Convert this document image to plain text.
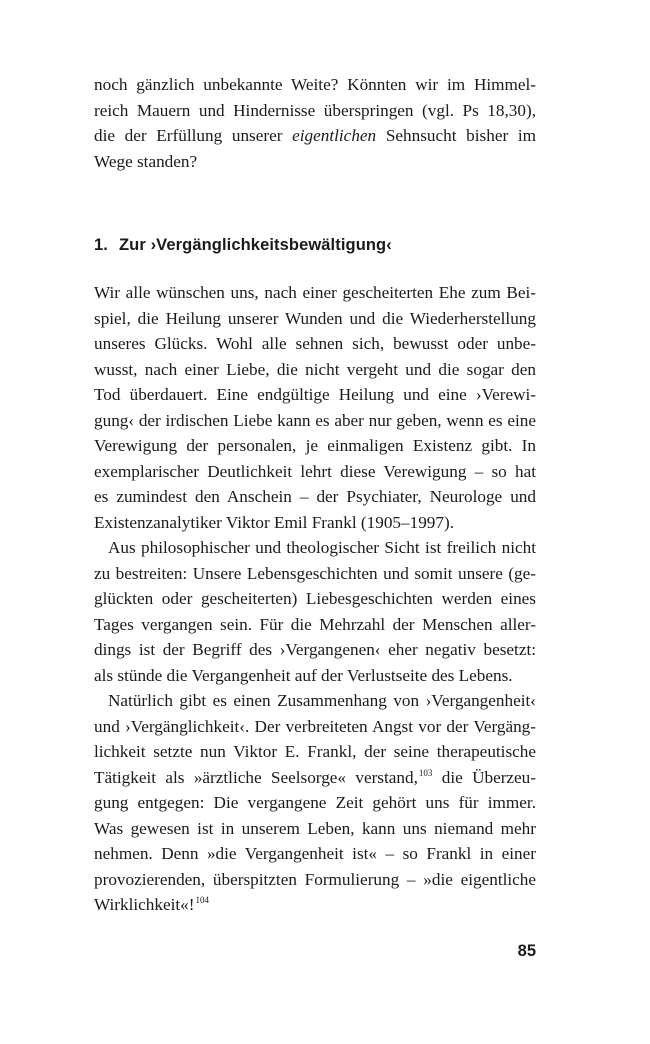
noch gänzlich unbekannte Weite? Könnten wir im Himmel-
reich Mauern und Hindernisse überspringen (vgl. Ps 18,30),
die der Erfüllung unserer eigentlichen Sehnsucht bisher im
Wege standen?
1. Zur ›Vergänglichkeitsbewältigung‹
Wir alle wünschen uns, nach einer gescheiterten Ehe zum Bei-
spiel, die Heilung unserer Wunden und die Wiederherstellung
unseres Glücks. Wohl alle sehnen sich, bewusst oder unbe-
wusst, nach einer Liebe, die nicht vergeht und die sogar den
Tod überdauert. Eine endgültige Heilung und eine ›Verewi-
gung‹ der irdischen Liebe kann es aber nur geben, wenn es eine
Verewigung der personalen, je einmaligen Existenz gibt. In
exemplarischer Deutlichkeit lehrt diese Verewigung – so hat
es zumindest den Anschein – der Psychiater, Neurologe und
Existenzanalytiker Viktor Emil Frankl (1905–1997).
Aus philosophischer und theologischer Sicht ist freilich nicht
zu bestreiten: Unsere Lebensgeschichten und somit unsere (ge-
glückten oder gescheiterten) Liebesgeschichten werden eines
Tages vergangen sein. Für die Mehrzahl der Menschen aller-
dings ist der Begriff des ›Vergangenen‹ eher negativ besetzt:
als stünde die Vergangenheit auf der Verlustseite des Lebens.
Natürlich gibt es einen Zusammenhang von ›Vergangenheit‹
und ›Vergänglichkeit‹. Der verbreiteten Angst vor der Vergäng-
lichkeit setzte nun Viktor E. Frankl, der seine therapeutische
Tätigkeit als »ärztliche Seelsorge« verstand,$^{103}$ die Überzeu-
gung entgegen: Die vergangene Zeit gehört uns für immer.
Was gewesen ist in unserem Leben, kann uns niemand mehr
nehmen. Denn »die Vergangenheit ist« – so Frankl in einer
provozierenden, überspitzten Formulierung – »die eigentliche
Wirklichkeit«!$^{104}$
85
